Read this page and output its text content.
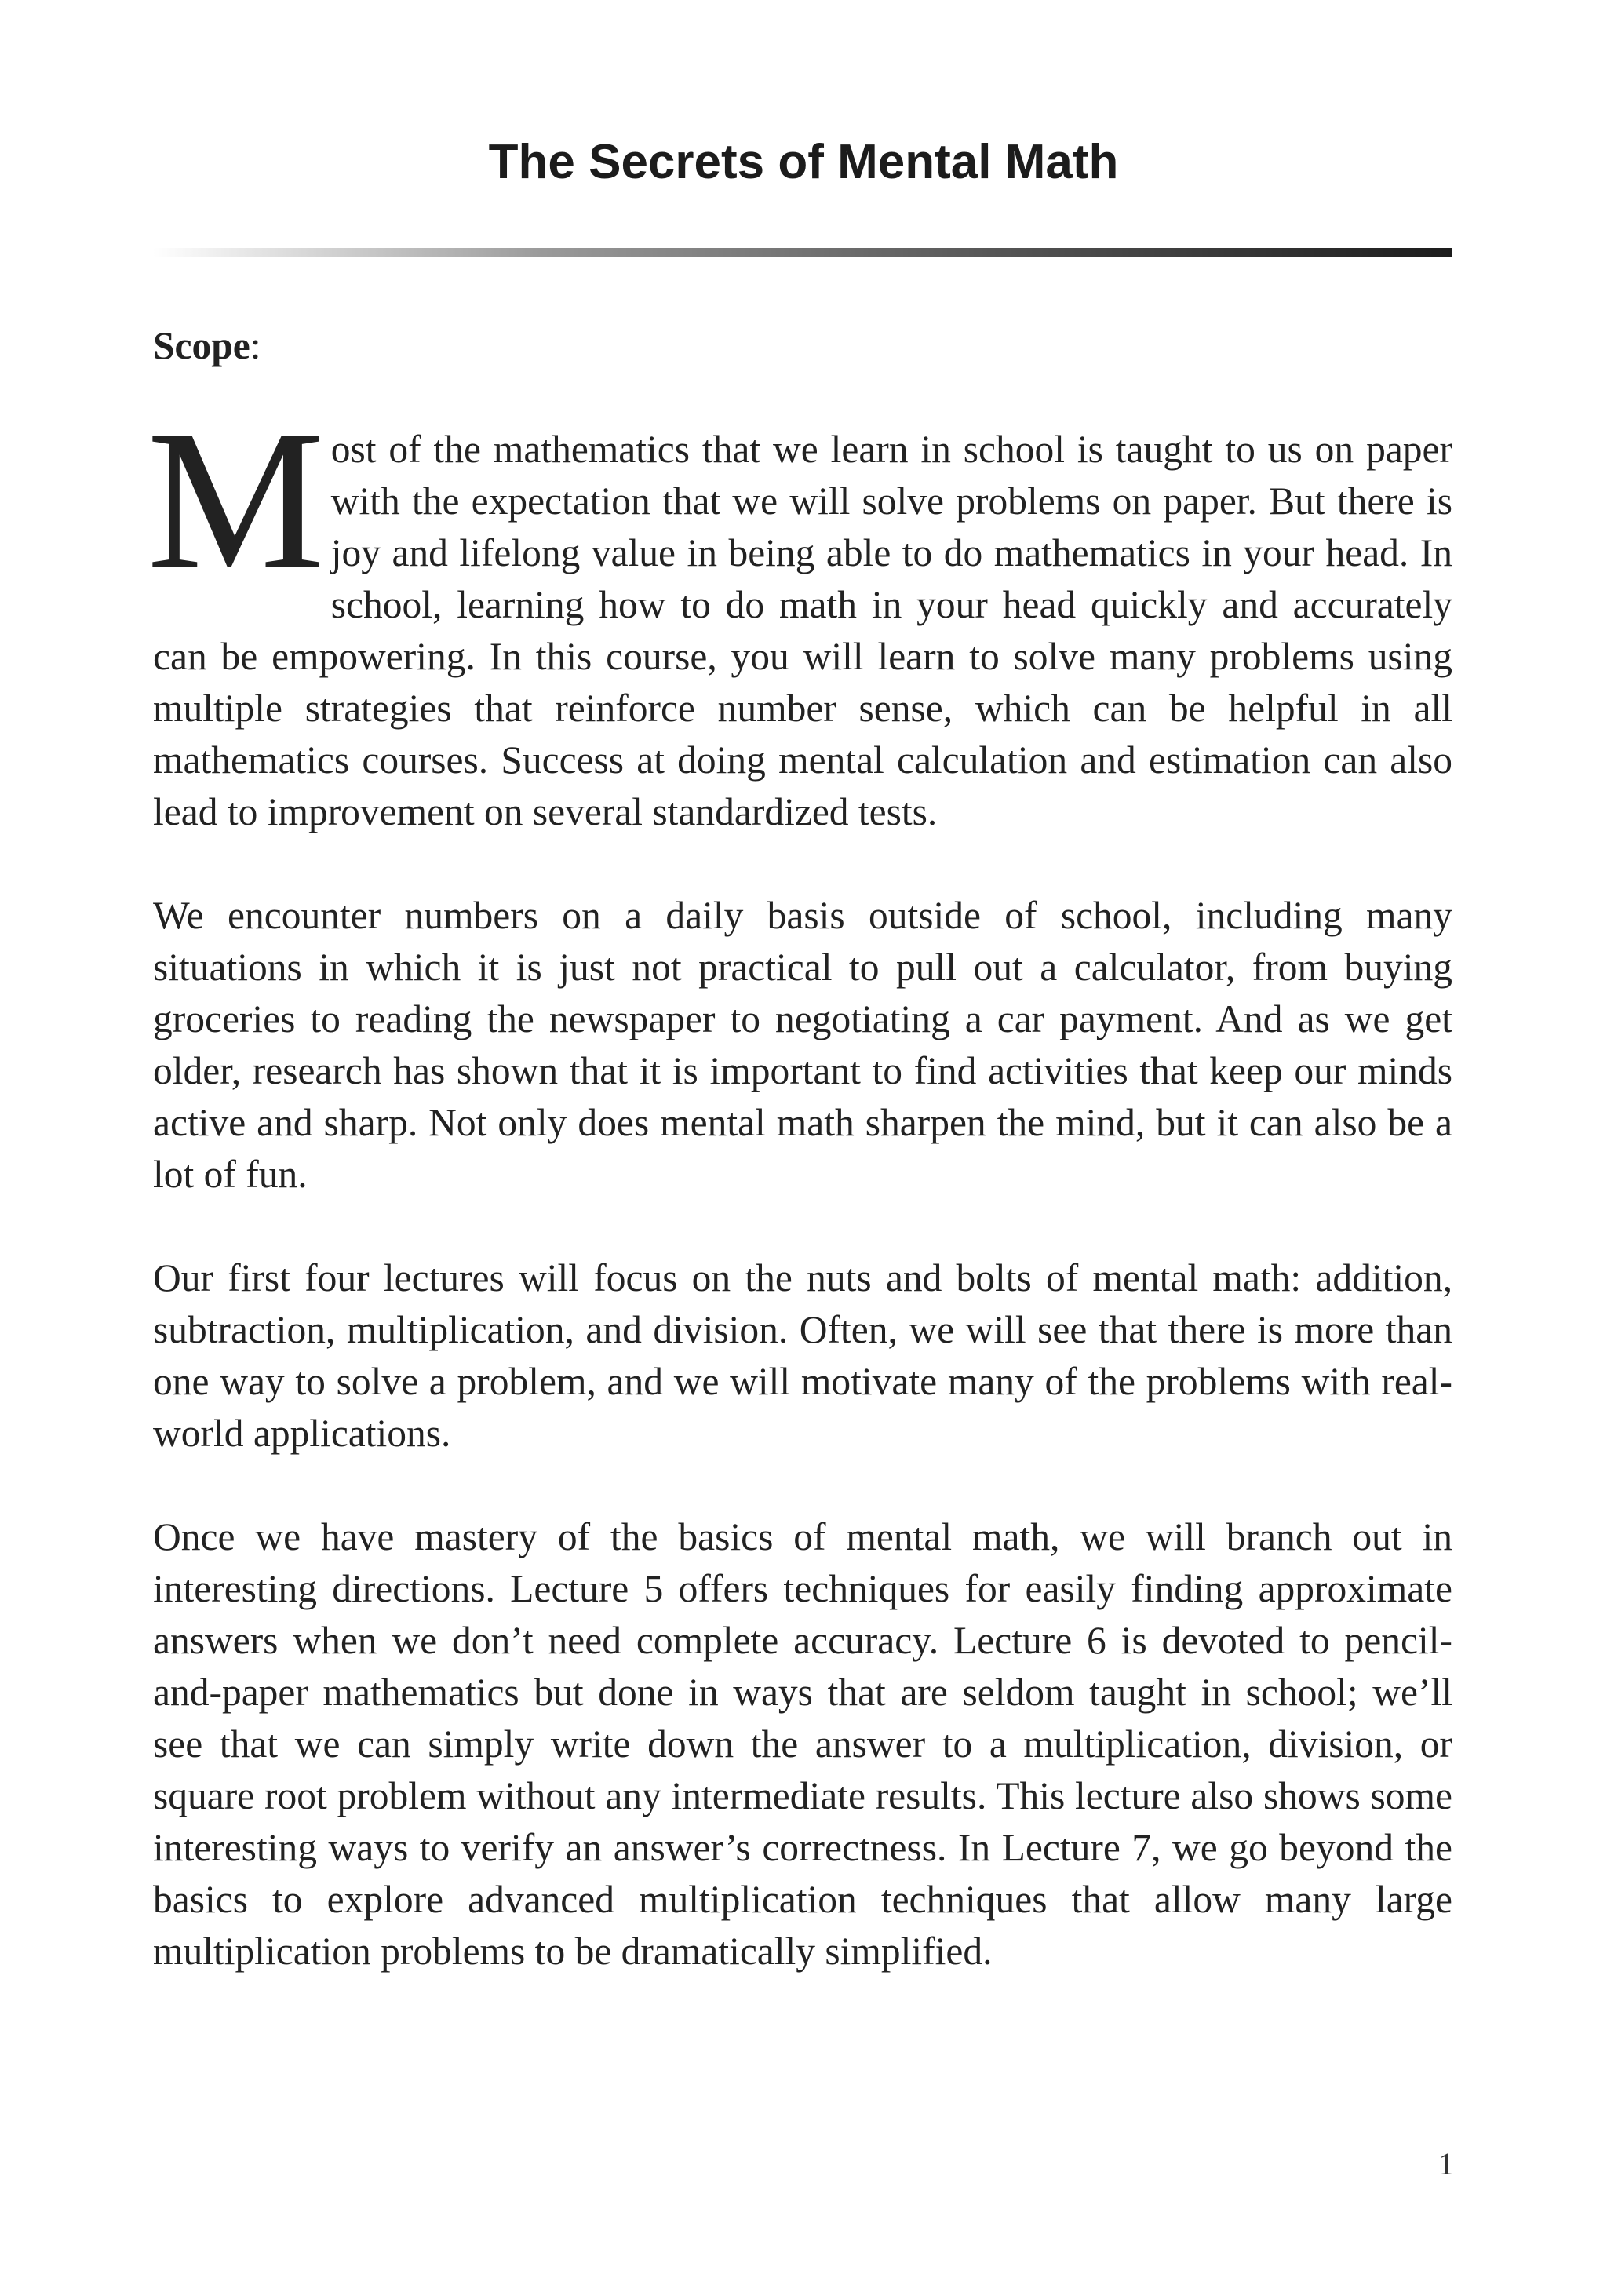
The Secrets of Mental Math

Scope:

Most of the mathematics that we learn in school is taught to us on paper with the expectation that we will solve problems on paper. But there is joy and lifelong value in being able to do mathematics in your head. In school, learning how to do math in your head quickly and accurately can be empowering. In this course, you will learn to solve many problems using multiple strategies that reinforce number sense, which can be helpful in all mathematics courses. Success at doing mental calculation and estimation can also lead to improvement on several standardized tests.

We encounter numbers on a daily basis outside of school, including many situations in which it is just not practical to pull out a calculator, from buying groceries to reading the newspaper to negotiating a car payment. And as we get older, research has shown that it is important to find activities that keep our minds active and sharp. Not only does mental math sharpen the mind, but it can also be a lot of fun.

Our first four lectures will focus on the nuts and bolts of mental math: addition, subtraction, multiplication, and division. Often, we will see that there is more than one way to solve a problem, and we will motivate many of the problems with real-world applications.

Once we have mastery of the basics of mental math, we will branch out in interesting directions. Lecture 5 offers techniques for easily finding approximate answers when we don’t need complete accuracy. Lecture 6 is devoted to pencil-and-paper mathematics but done in ways that are seldom taught in school; we’ll see that we can simply write down the answer to a multiplication, division, or square root problem without any intermediate results. This lecture also shows some interesting ways to verify an answer’s correctness. In Lecture 7, we go beyond the basics to explore advanced multiplication techniques that allow many large multiplication problems to be dramatically simplified.

1
